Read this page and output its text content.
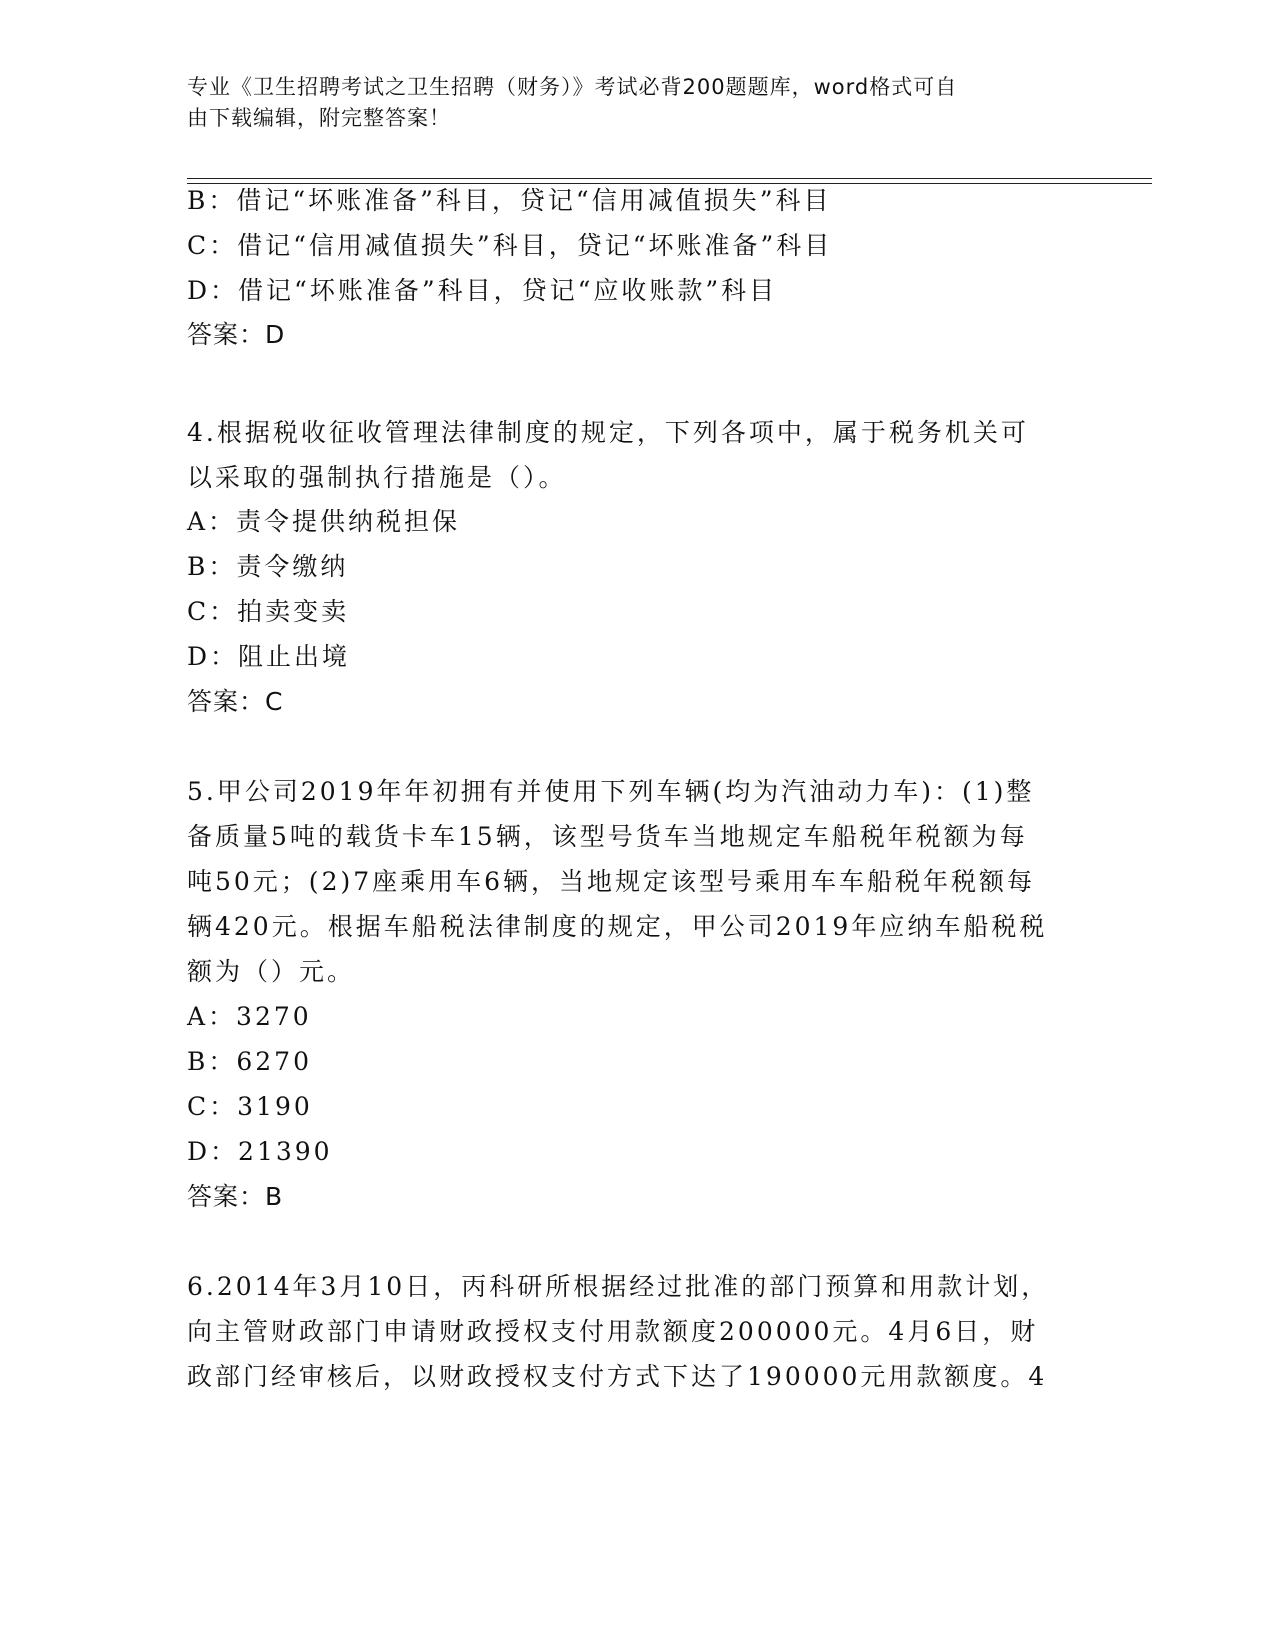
专业《卫生招聘考试之卫生招聘（财务）》考试必背200题题库，word格式可自
由下载编辑，附完整答案！
B：借记“坏账准备”科目，贷记“信用减值损失”科目
C：借记“信用减值损失”科目，贷记“坏账准备”科目
D：借记“坏账准备”科目，贷记“应收账款”科目
答案：D
4.根据税收征收管理法律制度的规定，下列各项中，属于税务机关可
以采取的强制执行措施是（）。
A：责令提供纳税担保
B：责令缴纳
C：拍卖变卖
D：阻止出境
答案：C
5.甲公司2019年年初拥有并使用下列车辆(均为汽油动力车)：(1)整
备质量5吨的载货卡车15辆，该型号货车当地规定车船税年税额为每
吨50元；(2)7座乘用车6辆，当地规定该型号乘用车车船税年税额每
辆420元。根据车船税法律制度的规定，甲公司2019年应纳车船税税
额为（）元。
A：3270
B：6270
C：3190
D：21390
答案：B
6.2014年3月10日，丙科研所根据经过批准的部门预算和用款计划，
向主管财政部门申请财政授权支付用款额度200000元。4月6日，财
政部门经审核后，以财政授权支付方式下达了190000元用款额度。4
